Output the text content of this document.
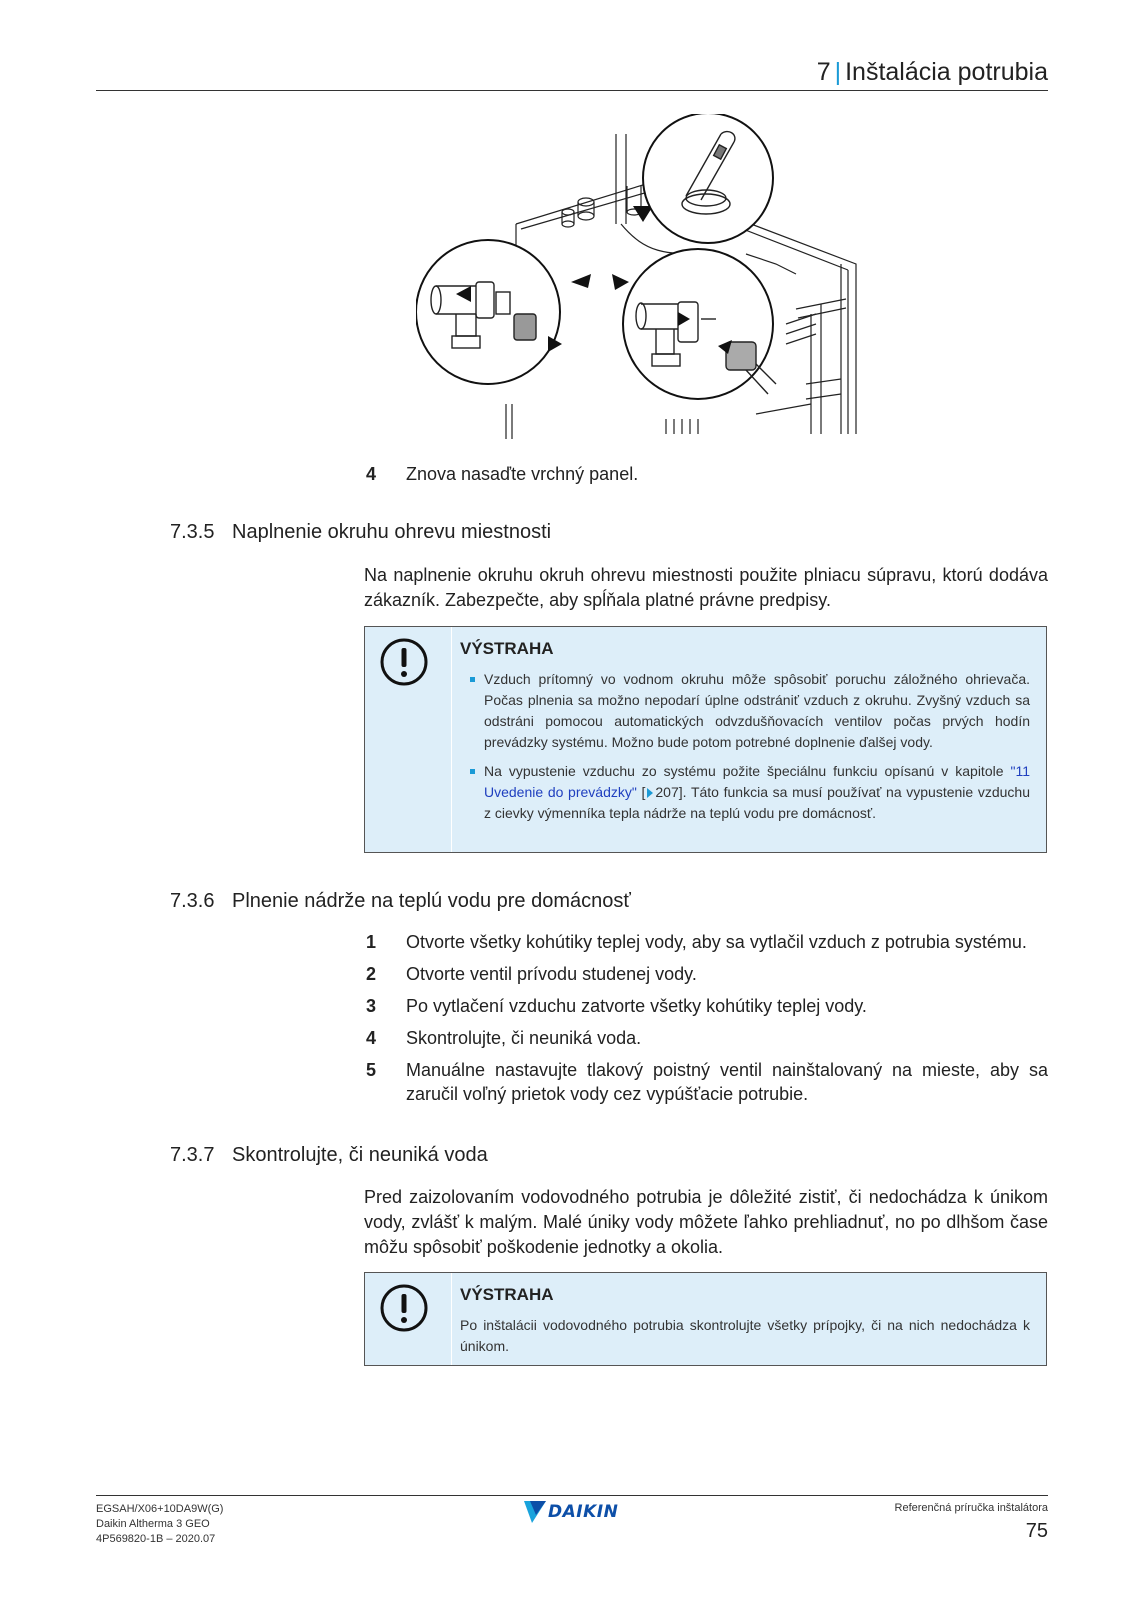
7 | Inštalácia potrubia
4	Znova nasaďte vrchný panel.
7.3.5 Naplnenie okruhu ohrevu miestnosti
Na naplnenie okruhu okruh ohrevu miestnosti použite plniacu súpravu, ktorú dodáva zákazník. Zabezpečte, aby spĺňala platné právne predpisy.
VÝSTRAHA
Vzduch prítomný vo vodnom okruhu môže spôsobiť poruchu záložného ohrievača. Počas plnenia sa možno nepodarí úplne odstrániť vzduch z okruhu. Zvyšný vzduch sa odstráni pomocou automatických odvzdušňovacích ventilov počas prvých hodín prevádzky systému. Možno bude potom potrebné doplnenie ďalšej vody.
Na vypustenie vzduchu zo systému požite špeciálnu funkciu opísanú v kapitole "11 Uvedenie do prevádzky" [ 207]. Táto funkcia sa musí používať na vypustenie vzduchu z cievky výmenníka tepla nádrže na teplú vodu pre domácnosť.
7.3.6 Plnenie nádrže na teplú vodu pre domácnosť
1	Otvorte všetky kohútiky teplej vody, aby sa vytlačil vzduch z potrubia systému.
2	Otvorte ventil prívodu studenej vody.
3	Po vytlačení vzduchu zatvorte všetky kohútiky teplej vody.
4	Skontrolujte, či neuniká voda.
5	Manuálne nastavujte tlakový poistný ventil nainštalovaný na mieste, aby sa zaručil voľný prietok vody cez vypúšťacie potrubie.
7.3.7 Skontrolujte, či neuniká voda
Pred zaizolovaním vodovodného potrubia je dôležité zistiť, či nedochádza k únikom vody, zvlášť k malým. Malé úniky vody môžete ľahko prehliadnuť, no po dlhšom čase môžu spôsobiť poškodenie jednotky a okolia.
VÝSTRAHA

Po inštalácii vodovodného potrubia skontrolujte všetky prípojky, či na nich nedochádza k únikom.

EGSAH/X06+10DA9W(G)
Daikin Altherma 3 GEO
4P569820-1B – 2020.07
DAIKIN	Referenčná príručka inštalátora
75
